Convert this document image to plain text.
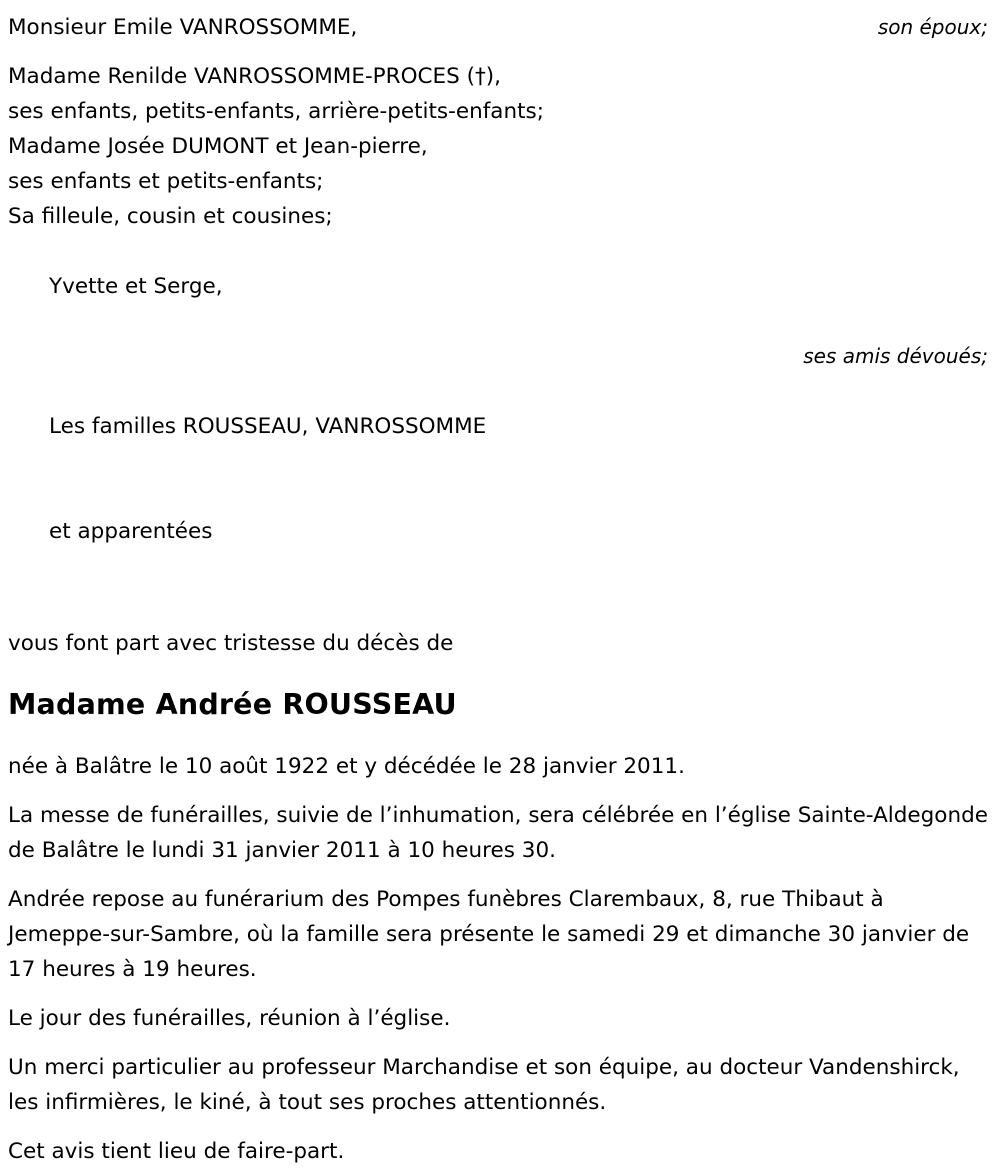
Monsieur Emile VANROSSOMME,	son époux;
Madame Renilde VANROSSOMME-PROCES (†),
ses enfants, petits-enfants, arrière-petits-enfants;
Madame Josée DUMONT et Jean-pierre,
ses enfants et petits-enfants;
Sa filleule, cousin et cousines;

Yvette et Serge,

ses amis dévoués;

Les familles ROUSSEAU, VANROSSOMME

et apparentées

vous font part avec tristesse du décès de
Madame Andrée ROUSSEAU

née à Balâtre le 10 août 1922 et y décédée le 28 janvier 2011.

La messe de funérailles, suivie de l’inhumation, sera célébrée en l’église Sainte-Aldegonde de Balâtre le lundi 31 janvier 2011 à 10 heures 30.

Andrée repose au funérarium des Pompes funèbres Clarembaux, 8, rue Thibaut à Jemeppe-sur-Sambre, où la famille sera présente le samedi 29 et dimanche 30 janvier de 17 heures à 19 heures.

Le jour des funérailles, réunion à l’église.

Un merci particulier au professeur Marchandise et son équipe, au docteur Vandenshirck, les infirmières, le kiné, à tout ses proches attentionnés.

Cet avis tient lieu de faire-part.
